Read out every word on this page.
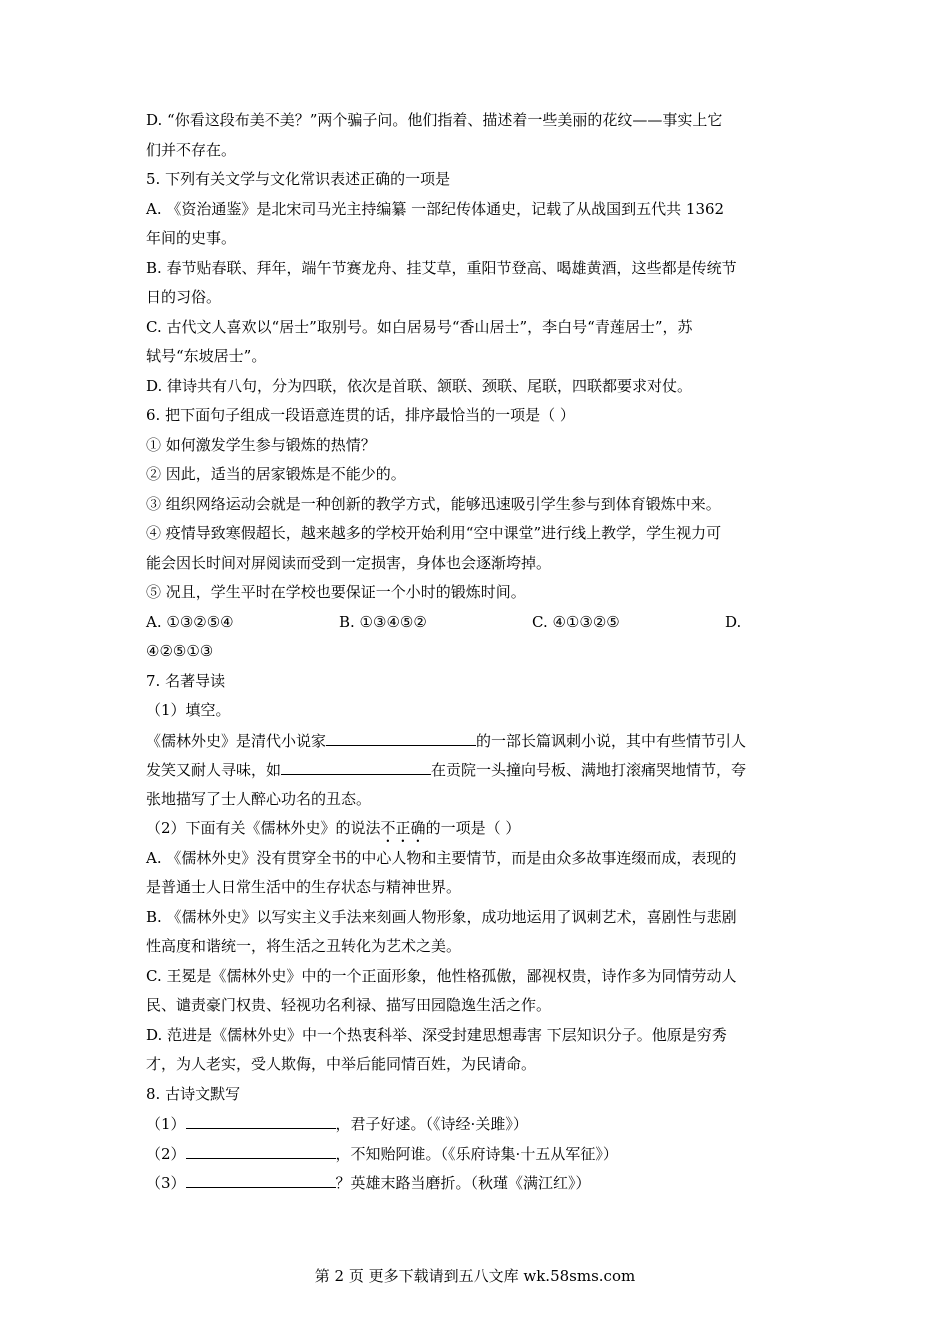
D. “你看这段布美不美？”两个骗子问。他们指着、描述着一些美丽的花纹——事实上它

们并不存在。

5. 下列有关文学与文化常识表述正确的一项是

A. 《资治通鉴》是北宋司马光主持编纂 一部纪传体通史，记载了从战国到五代共 1362

年间的史事。

B. 春节贴春联、拜年，端午节赛龙舟、挂艾草，重阳节登高、喝雄黄酒，这些都是传统节

日的习俗。

C. 古代文人喜欢以“居士”取别号。如白居易号“香山居士”，李白号“青莲居士”，苏

轼号“东坡居士”。

D. 律诗共有八句，分为四联，依次是首联、颔联、颈联、尾联，四联都要求对仗。

6. 把下面句子组成一段语意连贯的话，排序最恰当的一项是（ ）

① 如何激发学生参与锻炼的热情？

② 因此，适当的居家锻炼是不能少的。

③ 组织网络运动会就是一种创新的教学方式，能够迅速吸引学生参与到体育锻炼中来。

④ 疫情导致寒假超长，越来越多的学校开始利用“空中课堂”进行线上教学，学生视力可

能会因长时间对屏阅读而受到一定损害，身体也会逐渐垮掉。

⑤ 况且，学生平时在学校也要保证一个小时的锻炼时间。

A. ①③②⑤④	B. ①③④⑤②	C. ④①③②⑤	D.

④②⑤①③

7. 名著导读

（1）填空。

《儒林外史》是清代小说家	的一部长篇讽刺小说，其中有些情节引人

发笑又耐人寻味，如	在贡院一头撞向号板、满地打滚痛哭地情节，夸

张地描写了士人醉心功名的丑态。

（2）下面有关《儒林外史》的说法不正确的一项是（ ）

A. 《儒林外史》没有贯穿全书的中心人物和主要情节，而是由众多故事连缀而成，表现的

是普通士人日常生活中的生存状态与精神世界。

B. 《儒林外史》以写实主义手法来刻画人物形象，成功地运用了讽刺艺术，喜剧性与悲剧

性高度和谐统一，将生活之丑转化为艺术之美。

C. 王冕是《儒林外史》中的一个正面形象，他性格孤傲，鄙视权贵，诗作多为同情劳动人

民、谴责豪门权贵、轻视功名利禄、描写田园隐逸生活之作。

D. 范进是《儒林外史》中一个热衷科举、深受封建思想毒害 下层知识分子。他原是穷秀

才，为人老实，受人欺侮，中举后能同情百姓，为民请命。

8. 古诗文默写

（1）	，君子好逑。（《诗经·关雎》）

（2）	，不知贻阿谁。（《乐府诗集·十五从军征》）

（3）	？英雄末路当磨折。（秋瑾《满江红》）

第 2 页 更多下载请到五八文库 wk.58sms.com
